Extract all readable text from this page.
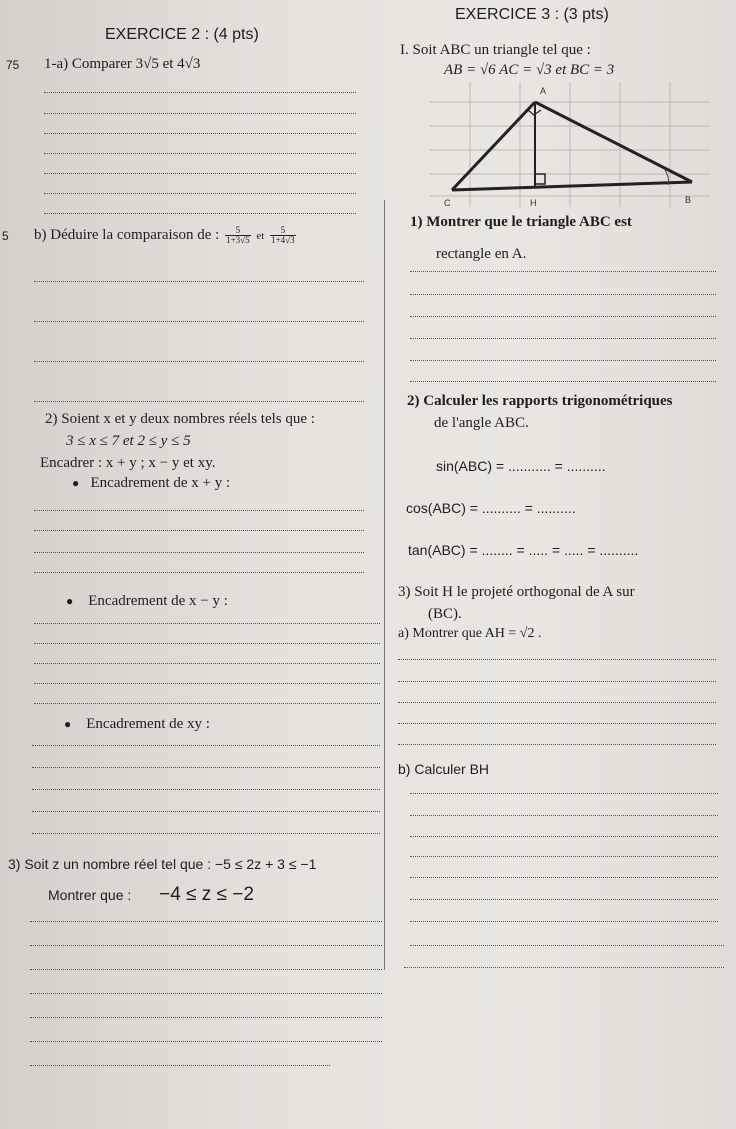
EXERCICE 2 : (4 pts)
75 1-a) Comparer 3√5 et 4√3
5 b) Déduire la comparaison de : $\frac{5}{1+3√5}$ et $\frac{5}{1+4√3}$
2) Soient x et y deux nombres réels tels que :
3 ≤ x ≤ 7 et 2 ≤ y ≤ 5
Encadrer : x + y ; x − y et xy.
● Encadrement de x + y :
● Encadrement de x − y :
● Encadrement de xy :
3) Soit z un nombre réel tel que : −5 ≤ 2z + 3 ≤ −1
Montrer que : −4 ≤ z ≤ −2
EXERCICE 3 : (3 pts)
I. Soit ABC un triangle tel que :
AB = √6 AC = √3 et BC = 3
A
C	H	B
1) Montrer que le triangle ABC est
rectangle en A.
2) Calculer les rapports trigonométriques
de l'angle ABC.
sin(ABC) = ........... = ..........
cos(ABC) = .......... = ..........
tan(ABC) = ........ = ..... = ..... = ..........
3) Soit H le projeté orthogonal de A sur
(BC).
a) Montrer que AH = √2 .
b) Calculer BH
